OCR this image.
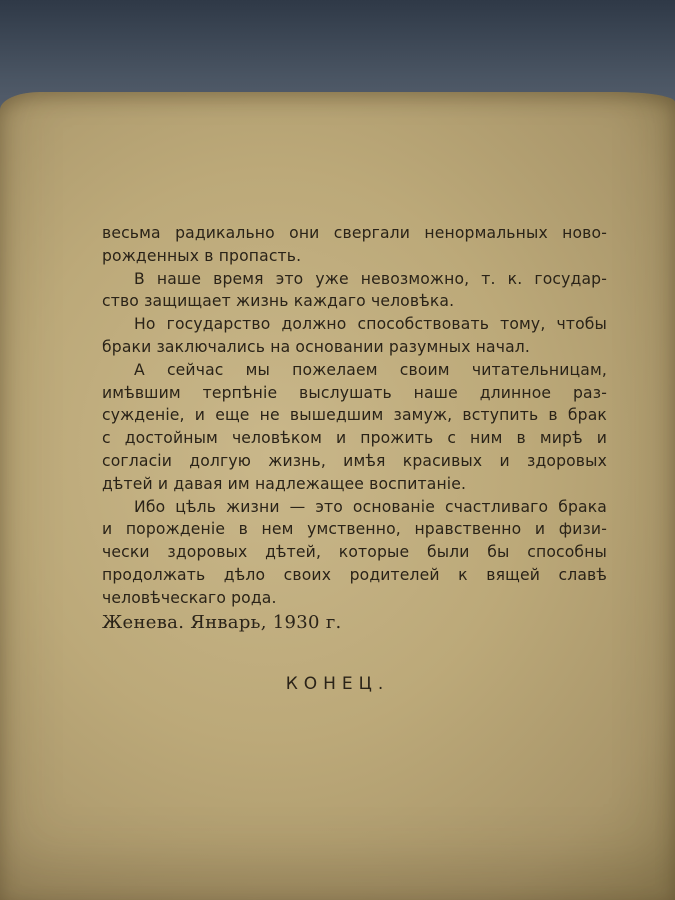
весьма радикально они свергали ненормальных ново-
рожденных в пропасть.
В наше время это уже невозможно, т. к. государ-
ство защищает жизнь каждаго человѣка.
Но государство должно способствовать тому, чтобы
браки заключались на основании разумных начал.
А сейчас мы пожелаем своим читательницам,
имѣвшим терпѣніе выслушать наше длинное раз-
сужденіе, и еще не вышедшим замуж, вступить в брак
с достойным человѣком и прожить с ним в мирѣ и
согласіи долгую жизнь, имѣя красивых и здоровых
дѣтей и давая им надлежащее воспитаніе.
Ибо цѣль жизни — это основаніе счастливаго брака
и порожденіе в нем умственно, нравственно и физи-
чески здоровых дѣтей, которые были бы способны
продолжать дѣло своих родителей к вящей славѣ
человѣческаго рода.
Женева. Январь, 1930 г.
КОНЕЦ.
